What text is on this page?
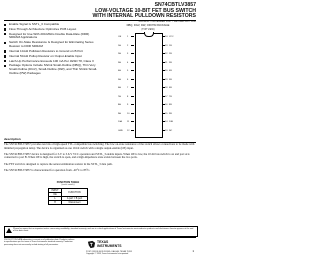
SN74CBTLV3857
LOW-VOLTAGE 10-BIT FET BUS SWITCH
WITH INTERNAL PULLDOWN RESISTORS
SCDS050 – NOVEMBER 1997 – REVISED MAY 1998
Enable Signal Is SSTL_3 Compatible
Flow-Through Architecture Optimizes PCB Layout
Designed for Use With 200-Mbit/s Double Data-Rate (DDR) SDRAM Applications
Switch On-State Resistance Is Designed for Eliminating Series Resistor to DDR SDRAM
Internal 10-kΩ Pulldown Resistors to Ground on B Port
Internal 50-kΩ Pullup Resistor on Output-Enable Input
Latch-Up Performance Exceeds 100 mA Per JESD 78, Class II
Package Options Include Shrink Small-Outline (DBQ), Thin Very Small-Outline (DGV), Small-Outline (DW), and Thin Shrink Small-Outline (PW) Packages
DBQ, DGV, DW, OR PW PACKAGE
(TOP VIEW)
OE	1
1A	2
2A	3
3A	4
4A	5
5A	6
6A	7
7A	8
8A	9
9A	10
10A 11
GND 12
24 VCC
23 1B
22 2B
21 3B
20 4B
19 5B
18 6B
17 7B
16 8B
15 9B
14 10B
13 NC
description

The SN74CBTLV3857 provides ten bits of high-speed TTL-compatible bus switching. The low on-state resistance of the switch allows connections to be made with minimal propagation delay. The device is organized as one 10-bit switch with a single output-enable (OE) input.

The SN74CBTLV3857 device is designed for 3-V to 3.6-V VCC operation and SSTL_3 enable inputs. When OE is low, the 10-bit bus switch is on and port A is connected to port B. When OE is high, the switch is open, and a high-impedance state exists between the two ports.

The FET switch is designed to replace the series termination resistor in the SSTL_3 data path.

The SN74CBTLV3857 is characterized for operation from –40°C to 85°C.

FUNCTION TABLE
(each switch)
INPUT	FUNCTION
OE	
L	A port = B port
H	Disconnect
Please be aware that an important notice concerning availability, standard warranty, and use in critical applications of Texas Instruments semiconductor products and disclaimers thereto appears at the end of this data sheet.
PRODUCTION DATA information is current as of publication date. Products conform to specifications per the terms of Texas Instruments standard warranty. Production processing does not necessarily include testing of all parameters.
TEXAS
INSTRUMENTS
POST OFFICE BOX 655303 • DALLAS, TEXAS 75265
Copyright © 1998, Texas Instruments Incorporated
1
